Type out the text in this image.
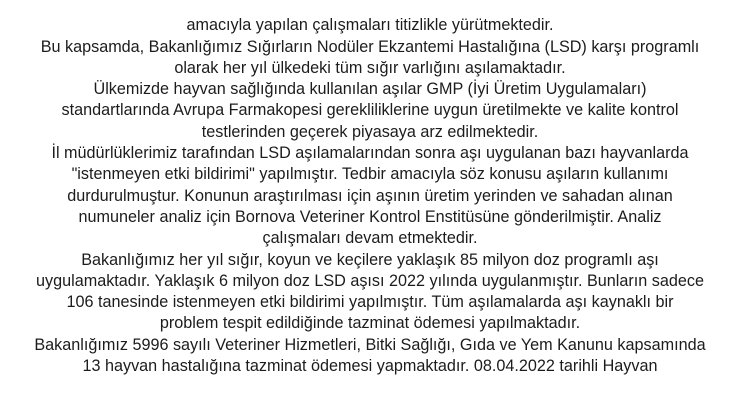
amacıyla yapılan çalışmaları titizlikle yürütmektedir.
Bu kapsamda, Bakanlığımız Sığırların Nodüler Ekzantemi Hastalığına (LSD) karşı programlı
olarak her yıl ülkedeki tüm sığır varlığını aşılamaktadır.
Ülkemizde hayvan sağlığında kullanılan aşılar GMP (İyi Üretim Uygulamaları)
standartlarında Avrupa Farmakopesi gerekliliklerine uygun üretilmekte ve kalite kontrol
testlerinden geçerek piyasaya arz edilmektedir.
İl müdürlüklerimiz tarafından LSD aşılamalarından sonra aşı uygulanan bazı hayvanlarda
"istenmeyen etki bildirimi" yapılmıştır. Tedbir amacıyla söz konusu aşıların kullanımı
durdurulmuştur. Konunun araştırılması için aşının üretim yerinden ve sahadan alınan
numuneler analiz için Bornova Veteriner Kontrol Enstitüsüne gönderilmiştir. Analiz
çalışmaları devam etmektedir.
Bakanlığımız her yıl sığır, koyun ve keçilere yaklaşık 85 milyon doz programlı aşı
uygulamaktadır. Yaklaşık 6 milyon doz LSD aşısı 2022 yılında uygulanmıştır. Bunların sadece
106 tanesinde istenmeyen etki bildirimi yapılmıştır. Tüm aşılamalarda aşı kaynaklı bir
problem tespit edildiğinde tazminat ödemesi yapılmaktadır.
Bakanlığımız 5996 sayılı Veteriner Hizmetleri, Bitki Sağlığı, Gıda ve Yem Kanunu kapsamında
13 hayvan hastalığına tazminat ödemesi yapmaktadır. 08.04.2022 tarihli Hayvan
